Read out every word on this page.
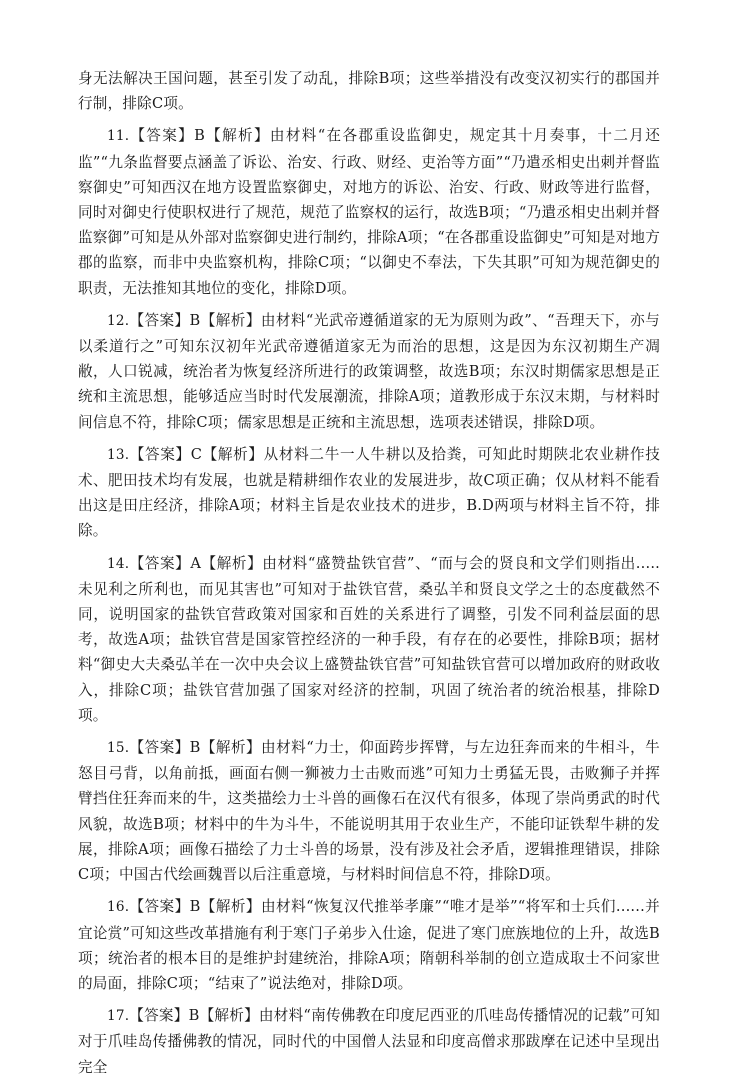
身无法解决王国问题，甚至引发了动乱，排除B项；这些举措没有改变汉初实行的郡国并行制，排除C项。

11.【答案】B【解析】由材料“在各郡重设监御史，规定其十月奏事，十二月还监”“九条监督要点涵盖了诉讼、治安、行政、财经、吏治等方面”“乃遣丞相史出刺并督监察御史”可知西汉在地方设置监察御史，对地方的诉讼、治安、行政、财政等进行监督，同时对御史行使职权进行了规范，规范了监察权的运行，故选B项；“乃遣丞相史出刺并督监察御”可知是从外部对监察御史进行制约，排除A项；“在各郡重设监御史”可知是对地方郡的监察，而非中央监察机构，排除C项；“以御史不奉法，下失其职”可知为规范御史的职责，无法推知其地位的变化，排除D项。

12.【答案】B【解析】由材料“光武帝遵循道家的无为原则为政”、“吾理天下，亦与以柔道行之”可知东汉初年光武帝遵循道家无为而治的思想，这是因为东汉初期生产凋敝，人口锐减，统治者为恢复经济所进行的政策调整，故选B项；东汉时期儒家思想是正统和主流思想，能够适应当时时代发展潮流，排除A项；道教形成于东汉末期，与材料时间信息不符，排除C项；儒家思想是正统和主流思想，选项表述错误，排除D项。

13.【答案】C【解析】从材料二牛一人牛耕以及拾粪，可知此时期陕北农业耕作技术、肥田技术均有发展，也就是精耕细作农业的发展进步，故C项正确；仅从材料不能看出这是田庄经济，排除A项；材料主旨是农业技术的进步，B.D两项与材料主旨不符，排除。

14.【答案】A【解析】由材料“盛赞盐铁官营”、“而与会的贤良和文学们则指出.....未见利之所利也，而见其害也”可知对于盐铁官营，桑弘羊和贤良文学之士的态度截然不同，说明国家的盐铁官营政策对国家和百姓的关系进行了调整，引发不同利益层面的思考，故选A项；盐铁官营是国家管控经济的一种手段，有存在的必要性，排除B项；据材料“御史大夫桑弘羊在一次中央会议上盛赞盐铁官营”可知盐铁官营可以增加政府的财政收入，排除C项；盐铁官营加强了国家对经济的控制，巩固了统治者的统治根基，排除D项。

15.【答案】B【解析】由材料“力士，仰面跨步挥臂，与左边狂奔而来的牛相斗，牛怒目弓背，以角前抵，画面右侧一狮被力士击败而逃”可知力士勇猛无畏，击败狮子并挥臂挡住狂奔而来的牛，这类描绘力士斗兽的画像石在汉代有很多，体现了崇尚勇武的时代风貌，故选B项；材料中的牛为斗牛，不能说明其用于农业生产，不能印证铁犁牛耕的发展，排除A项；画像石描绘了力士斗兽的场景，没有涉及社会矛盾，逻辑推理错误，排除C项；中国古代绘画魏晋以后注重意境，与材料时间信息不符，排除D项。

16.【答案】B【解析】由材料“恢复汉代推举孝廉”“唯才是举”“将军和士兵们......并宜论赏”可知这些改革措施有利于寒门子弟步入仕途，促进了寒门庶族地位的上升，故选B项；统治者的根本目的是维护封建统治，排除A项；隋朝科举制的创立造成取士不问家世的局面，排除C项；“结束了”说法绝对，排除D项。

17.【答案】B【解析】由材料“南传佛教在印度尼西亚的爪哇岛传播情况的记载”可知对于爪哇岛传播佛教的情况，同时代的中国僧人法显和印度高僧求那跋摩在记述中呈现出完全
